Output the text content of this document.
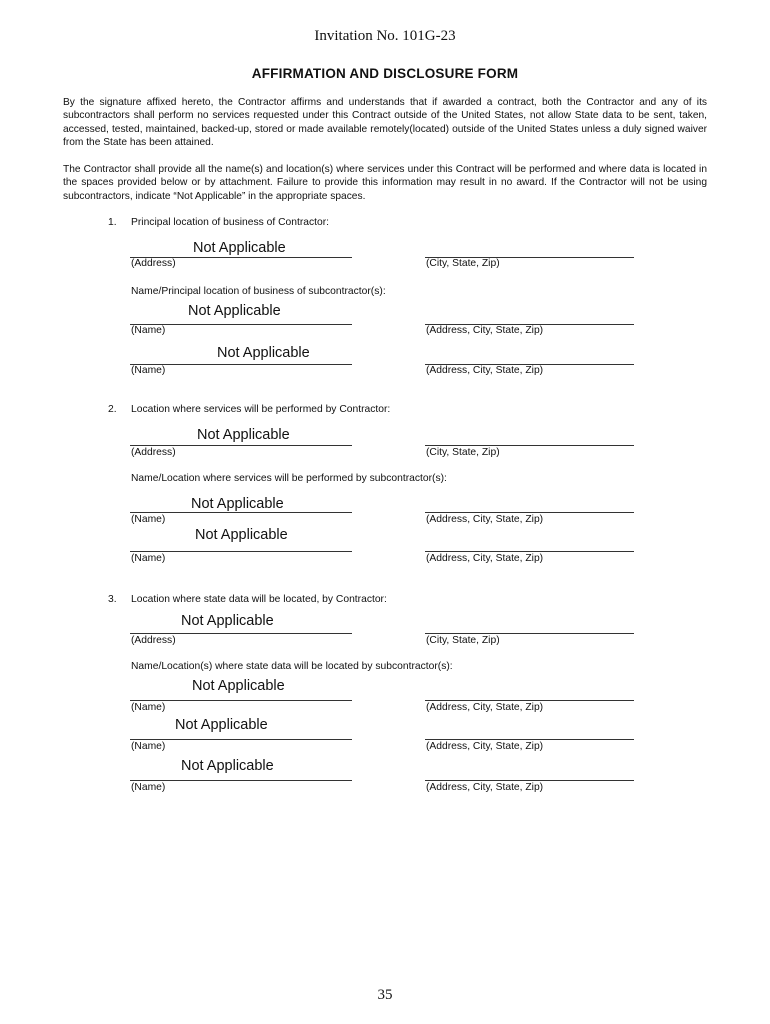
Invitation No. 101G-23
AFFIRMATION AND DISCLOSURE FORM
By the signature affixed hereto, the Contractor affirms and understands that if awarded a contract, both the Contractor and any of its subcontractors shall perform no services requested under this Contract outside of the United States, not allow State data to be sent, taken, accessed, tested, maintained, backed-up, stored or made available remotely(located) outside of the United States unless a duly signed waiver from the State has been attained.
The Contractor shall provide all the name(s) and location(s) where services under this Contract will be performed and where data is located in the spaces provided below or by attachment. Failure to provide this information may result in no award. If the Contractor will not be using subcontractors, indicate “Not Applicable” in the appropriate spaces.
1. Principal location of business of Contractor:
Not Applicable
(Address)	(City, State, Zip)
Name/Principal location of business of subcontractor(s):
Not Applicable
(Name)	(Address, City, State, Zip)
Not Applicable
(Name)	(Address, City, State, Zip)
2. Location where services will be performed by Contractor:
Not Applicable
(Address)	(City, State, Zip)
Name/Location where services will be performed by subcontractor(s):
Not Applicable
(Name)	(Address, City, State, Zip)
Not Applicable
(Name)	(Address, City, State, Zip)
3. Location where state data will be located, by Contractor:
Not Applicable
(Address)	(City, State, Zip)
Name/Location(s) where state data will be located by subcontractor(s):
Not Applicable
(Name)	(Address, City, State, Zip)
Not Applicable
(Name)	(Address, City, State, Zip)
Not Applicable
(Name)	(Address, City, State, Zip)
35
